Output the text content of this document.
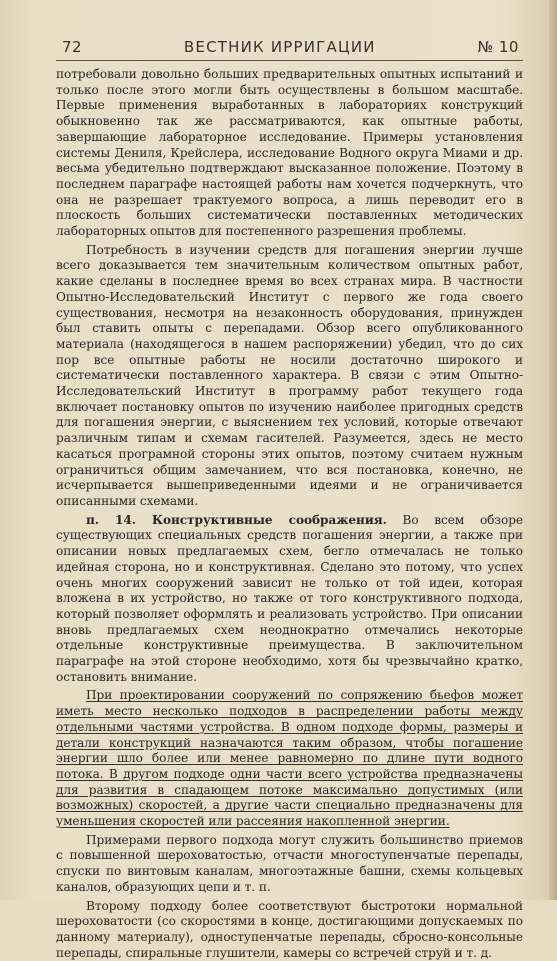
72	ВЕСТНИК ИРРИГАЦИИ	№ 10

потребовали довольно больших предварительных опытных испытаний и только после этого могли быть осуществлены в большом масштабе. Первые применения выработанных в лабораториях конструкций обыкновенно так же рассматриваются, как опытные работы, завершающие лабораторное исследование. Примеры установления системы Дениля, Крейслера, исследование Водного округа Миами и др. весьма убедительно подтверждают высказанное положение. Поэтому в последнем параграфе настоящей работы нам хочется подчеркнуть, что она не разрешает трактуемого вопроса, а лишь переводит его в плоскость больших систематически поставленных методических лабораторных опытов для постепенного разрешения проблемы.

Потребность в изучении средств для погашения энергии лучше всего доказывается тем значительным количеством опытных работ, какие сделаны в последнее время во всех странах мира. В частности Опытно-Исследовательский Институт с первого же года своего существования, несмотря на незаконность оборудования, принужден был ставить опыты с перепадами. Обзор всего опубликованного материала (находящегося в нашем распоряжении) убедил, что до сих пор все опытные работы не носили достаточно широкого и систематически поставленного характера. В связи с этим Опытно-Исследовательский Институт в программу работ текущего года включает постановку опытов по изучению наиболее пригодных средств для погашения энергии, с выяснением тех условий, которые отвечают различным типам и схемам гасителей. Разумеется, здесь не место касаться програмной стороны этих опытов, поэтому считаем нужным ограничиться общим замечанием, что вся постановка, конечно, не исчерпывается вышеприведенными идеями и не ограничивается описанными схемами.

п. 14. Конструктивные соображения. Во всем обзоре существующих специальных средств погашения энергии, а также при описании новых предлагаемых схем, бегло отмечалась не только идейная сторона, но и конструктивная. Сделано это потому, что успех очень многих сооружений зависит не только от той идеи, которая вложена в их устройство, но также от того конструктивного подхода, который позволяет оформлять и реализовать устройство. При описании вновь предлагаемых схем неоднократно отмечались некоторые отдельные конструктивные преимущества. В заключительном параграфе на этой стороне необходимо, хотя бы чрезвычайно кратко, остановить внимание.

При проектировании сооружений по сопряжению бьефов может иметь место несколько подходов в распределении работы между отдельными частями устройства. В одном подходе формы, размеры и детали конструкций назначаются таким образом, чтобы погашение энергии шло более или менее равномерно по длине пути водного потока. В другом подходе одни части всего устройства предназначены для развития в спадающем потоке максимально допустимых (или возможных) скоростей, а другие части специально предназначены для уменьшения скоростей или рассеяния накопленной энергии.

Примерами первого подхода могут служить большинство приемов с повышенной шероховатостью, отчасти многоступенчатые перепады, спуски по винтовым каналам, многоэтажные башни, схемы кольцевых каналов, образующих цепи и т. п.

Второму подходу более соответствуют быстротоки нормальной шероховатости (со скоростями в конце, достигающими допускаемых по данному материалу), одноступенчатые перепады, сбросно-консольные перепады, спиральные глушители, камеры со встречей струй и т. д.
